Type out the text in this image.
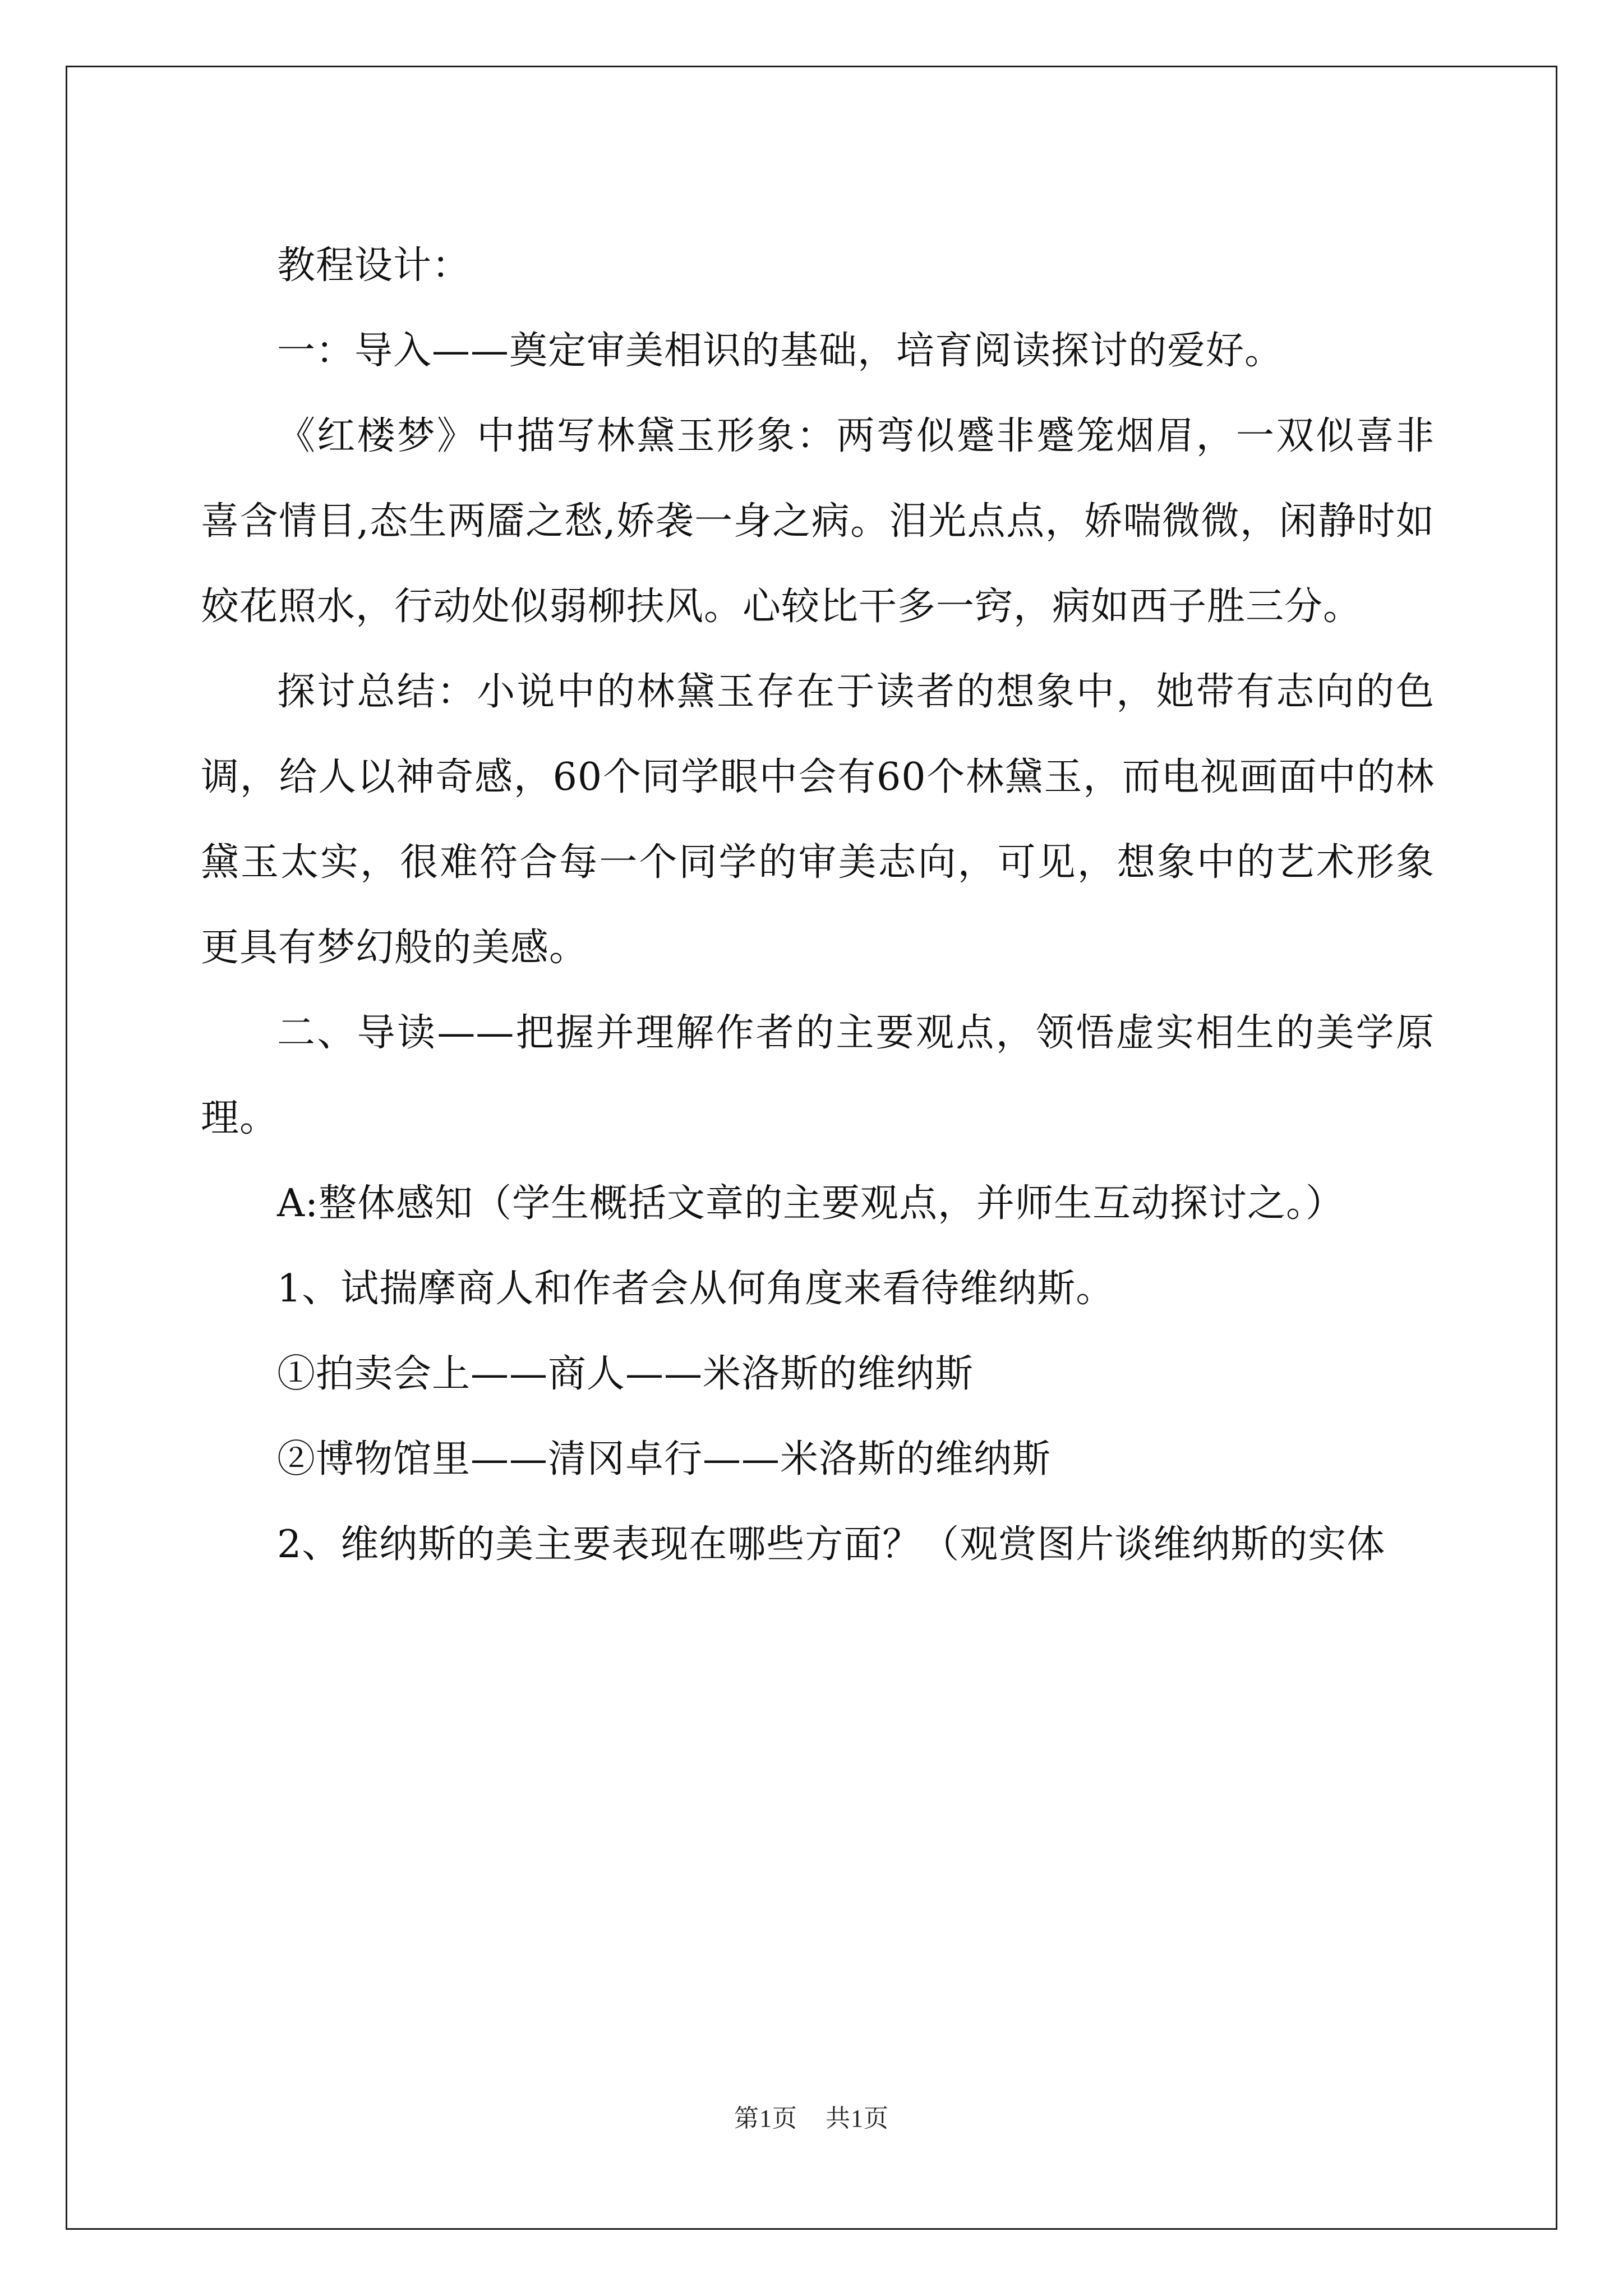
教程设计：

一：导入——奠定审美相识的基础，培育阅读探讨的爱好。

《红楼梦》中描写林黛玉形象：两弯似蹙非蹙笼烟眉，一双似喜非喜含情目,态生两靥之愁,娇袭一身之病。泪光点点，娇喘微微，闲静时如姣花照水，行动处似弱柳扶风。心较比干多一窍，病如西子胜三分。

探讨总结：小说中的林黛玉存在于读者的想象中，她带有志向的色调，给人以神奇感，60个同学眼中会有60个林黛玉，而电视画面中的林黛玉太实，很难符合每一个同学的审美志向，可见，想象中的艺术形象更具有梦幻般的美感。

二、导读——把握并理解作者的主要观点，领悟虚实相生的美学原理。

A:整体感知（学生概括文章的主要观点，并师生互动探讨之。）

1、试揣摩商人和作者会从何角度来看待维纳斯。

①拍卖会上——商人——米洛斯的维纳斯

②博物馆里——清冈卓行——米洛斯的维纳斯

2、维纳斯的美主要表现在哪些方面？（观赏图片谈维纳斯的实体

第1页 共1页
